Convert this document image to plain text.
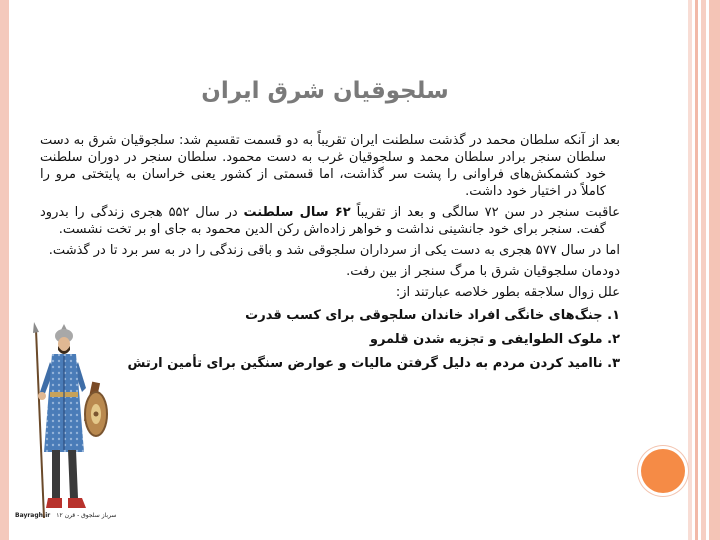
سلجوقیان شرق ایران

بعد از آنکه سلطان محمد در گذشت سلطنت ایران تقریباً به دو قسمت تقسیم شد: سلجوقیان شرق به دست سلطان سنجر برادر سلطان محمد و سلجوقیان غرب به دست محمود. سلطان سنجر در دوران سلطنت خود کشمکش‌های فراوانی را پشت سر گذاشت، اما قسمتی از کشور یعنی خراسان به پایتختی مرو را کاملاً در اختیار خود داشت.

عاقبت سنجر در سن ۷۲ سالگی و بعد از تقریباً ۶۲ سال سلطنت در سال ۵۵۲ هجری زندگی را بدرود گفت. سنجر برای خود جانشینی نداشت و خواهر زاده‌اش رکن الدین محمود به جای او بر تخت نشست.

اما در سال ۵۷۷ هجری به دست یکی از سرداران سلجوقی شد و باقی زندگی را در به سر برد تا در گذشت.

دودمان سلجوقیان شرق با مرگ سنجر از بین رفت.

علل زوال سلاجقه بطور خلاصه عبارتند از:

۱. جنگ‌های خانگی افراد خاندان سلجوقی برای کسب قدرت

۲. ملوک الطوایفی و تجزیه شدن قلمرو

۳. ناامید کردن مردم به دلیل گرفتن مالیات و عوارض سنگین برای تأمین ارتش

Bayragh.ir سرباز سلجوق - قرن ۱۲
